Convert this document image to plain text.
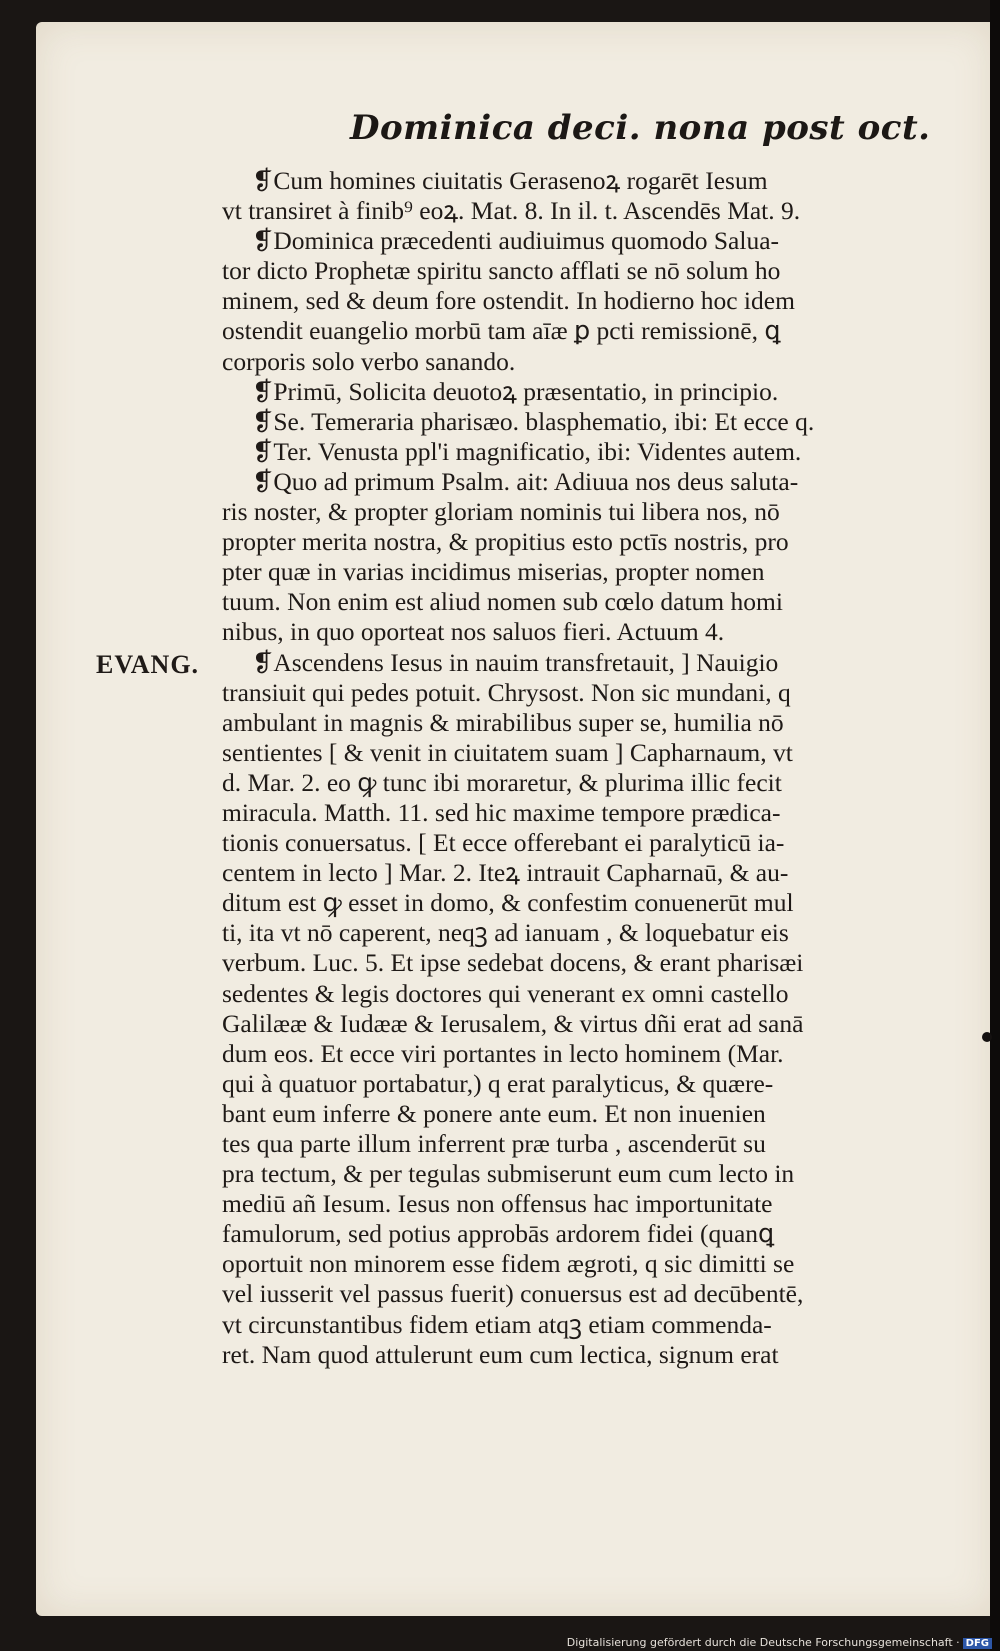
Dominica deci. nona post oct.
EVANG.
❡Cum homines ciuitatis Gerasenoꝝ rogarēt Iesum
vt transiret à finib⁹ eoꝝ. Mat. 8. In il. t. Ascendēs Mat. 9.
❡Dominica præcedenti audiuimus quomodo Salua-
tor dicto Prophetæ spiritu sancto afflati se nō solum ho
minem, sed & deum fore ostendit. In hodierno hoc idem
ostendit euangelio morbū tam aīæ ꝑ pcti remissionē, ꝗ
corporis solo verbo sanando.
❡Primū, Solicita deuotoꝝ præsentatio, in principio.
❡Se. Temeraria pharisæo. blasphematio, ibi: Et ecce q.
❡Ter. Venusta ppl'i magnificatio, ibi: Videntes autem.
❡Quo ad primum Psalm. ait: Adiuua nos deus saluta-
ris noster, & propter gloriam nominis tui libera nos, nō
propter merita nostra, & propitius esto pctīs nostris, pro
pter quæ in varias incidimus miserias, propter nomen
tuum. Non enim est aliud nomen sub cœlo datum homi
nibus, in quo oporteat nos saluos fieri. Actuum 4.
❡Ascendens Iesus in nauim transfretauit, ] Nauigio
transiuit qui pedes potuit. Chrysost. Non sic mundani, q
ambulant in magnis & mirabilibus super se, humilia nō
sentientes [ & venit in ciuitatem suam ] Capharnaum, vt
d. Mar. 2. eo ꝙ tunc ibi moraretur, & plurima illic fecit
miracula. Matth. 11. sed hic maxime tempore prædica-
tionis conuersatus. [ Et ecce offerebant ei paralyticū ia-
centem in lecto ] Mar. 2. Iteꝝ intrauit Capharnaū, & au-
ditum est ꝙ esset in domo, & confestim conuenerūt mul
ti, ita vt nō caperent, neqꝫ ad ianuam , & loquebatur eis
verbum. Luc. 5. Et ipse sedebat docens, & erant pharisæi
sedentes & legis doctores qui venerant ex omni castello
Galilææ & Iudææ & Ierusalem, & virtus dñi erat ad sanā
dum eos. Et ecce viri portantes in lecto hominem (Mar.
qui à quatuor portabatur,) q erat paralyticus, & quære-
bant eum inferre & ponere ante eum. Et non inuenien
tes qua parte illum inferrent præ turba , ascenderūt su
pra tectum, & per tegulas submiserunt eum cum lecto in
mediū añ Iesum. Iesus non offensus hac importunitate
famulorum, sed potius approbās ardorem fidei (quanꝗ
oportuit non minorem esse fidem ægroti, q sic dimitti se
vel iusserit vel passus fuerit) conuersus est ad decūbentē,
vt circunstantibus fidem etiam atqꝫ etiam commenda-
ret. Nam quod attulerunt eum cum lectica, signum erat
Digitalisierung gefördert durch die Deutsche Forschungsgemeinschaft · DFG
